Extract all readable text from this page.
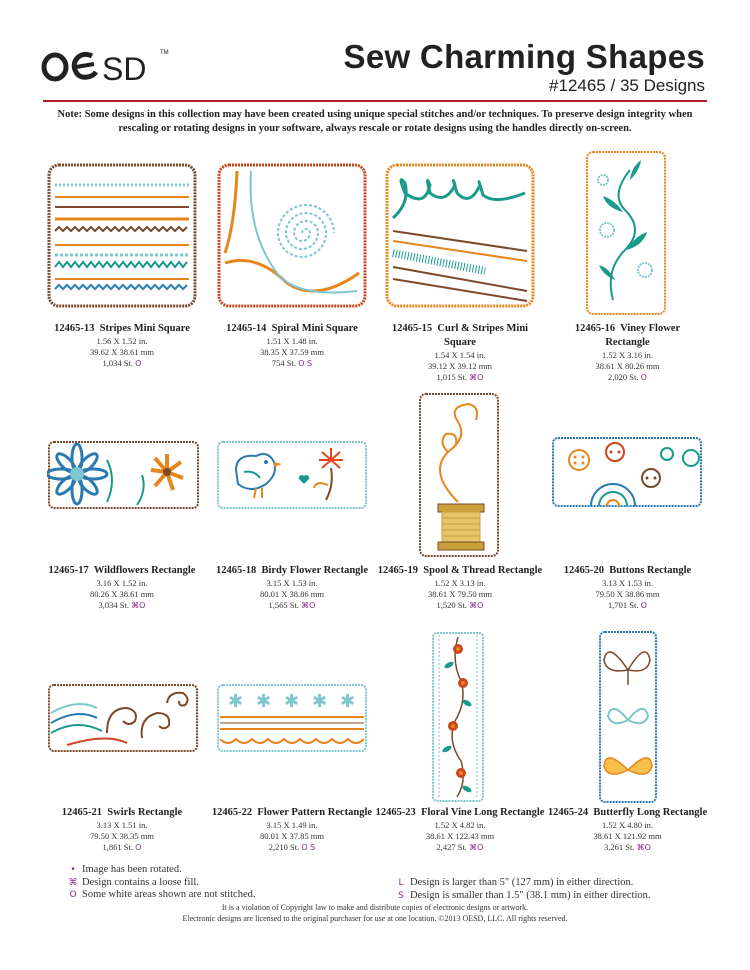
SD TM	Sew Charming Shapes
#12465 / 35 Designs
Note: Some designs in this collection may have been created using unique special stitches and/or techniques. To preserve design integrity when rescaling or rotating designs in your software, always rescale or rotate designs using the handles directly on-screen.
12465-13 Stripes Mini Square
1.56 X 1.52 in.
39.62 X 38.61 mm
1,034 St. O
12465-14 Spiral Mini Square
1.51 X 1.48 in.
38.35 X 37.59 mm
754 St. O S
12465-15 Curl & Stripes Mini Square
1.54 X 1.54 in.
39.12 X 39.12 mm
1,015 St. ⌘O
12465-16 Viney Flower Rectangle
1.52 X 3.16 in.
38.61 X 80.26 mm
2,020 St. O
12465-17 Wildflowers Rectangle
3.16 X 1.52 in.
80.26 X 38.61 mm
3,034 St. ⌘O
12465-18 Birdy Flower Rectangle
3.15 X 1.53 in.
80.01 X 38.86 mm
1,565 St. ⌘O
12465-19 Spool & Thread Rectangle
1.52 X 3.13 in.
38.61 X 79.50 mm
1,520 St. ⌘O
12465-20 Buttons Rectangle
3.13 X 1.53 in.
79.50 X 38.86 mm
1,701 St. O
✱ ✱ ✱ ✱ ✱
12465-21 Swirls Rectangle
3.13 X 1.51 in.
79.50 X 38.35 mm
1,861 St. O
12465-22 Flower Pattern Rectangle
3.15 X 1.49 in.
80.01 X 37.85 mm
2,210 St. O S
12465-23 Floral Vine Long Rectangle
1.52 X 4.82 in.
38.61 X 122.43 mm
2,427 St. ⌘O
12465-24 Butterfly Long Rectangle
1.52 X 4.80 in.
38.61 X 121.92 mm
3,261 St. ⌘O
• Image has been rotated.
⌘ Design contains a loose fill.
O Some white areas shown are not stitched.
L Design is larger than 5" (127 mm) in either direction.
S Design is smaller than 1.5" (38.1 mm) in either direction.
It is a violation of Copyright law to make and distribute copies of electronic designs or artwork.
Electronic designs are licensed to the original purchaser for use at one location. ©2013 OESD, LLC. All rights reserved.
